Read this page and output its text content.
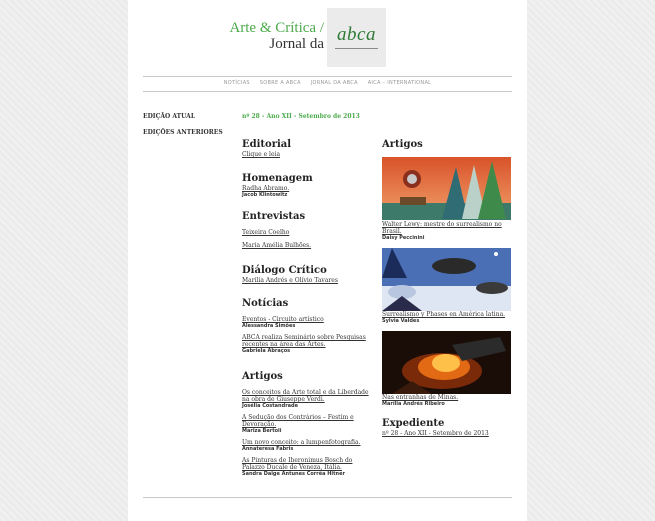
Arte & Crítica /
Jornal da abca
NOTÍCIAS SOBRE A ABCA JORNAL DA ABCA AICA – INTERNATIONAL
EDIÇÃO ATUAL
EDIÇÕES ANTERIORES
nº 28 - Ano XII - Setembro de 2013
Editorial
Clique e leia
Homenagem
Radha Abramo.
Jacob Klintowitz
Entrevistas
Teixeira Coelho
Maria Amélia Bulhões.
Diálogo Crítico
Marilia Andrés e Olívio Tavares
Notícias
Eventos - Circuito artístico
Alessandra Simões
ABCA realiza Seminário sobre Pesquisas recentes na área das Artes.
Gabriela Abraços
Artigos
Os conceitos da Arte total e da Liberdade na obra de Giuseppe Verdi.
Josélia Costandrade
A Sedução dos Contrários – Festim e Devoração.
Mariza Bertoli
Um novo conceito: a lumpenfotografia.
Annateresa Fabris
As Pinturas de Iheronimus Bosch do Palazzo Ducale de Veneza, Itália.
Sandra Daige Antunes Corrêa Hitner
Artigos
Walter Lewy: mestre do surrealismo no Brasil.
Daisy Peccinini
Surrealismo y Phases en América latina.
Sylvia Valdes
Nas entranhas de Minas.
Marília Andrés Ribeiro
Expediente
nº 28 - Ano XII - Setembro de 2013
